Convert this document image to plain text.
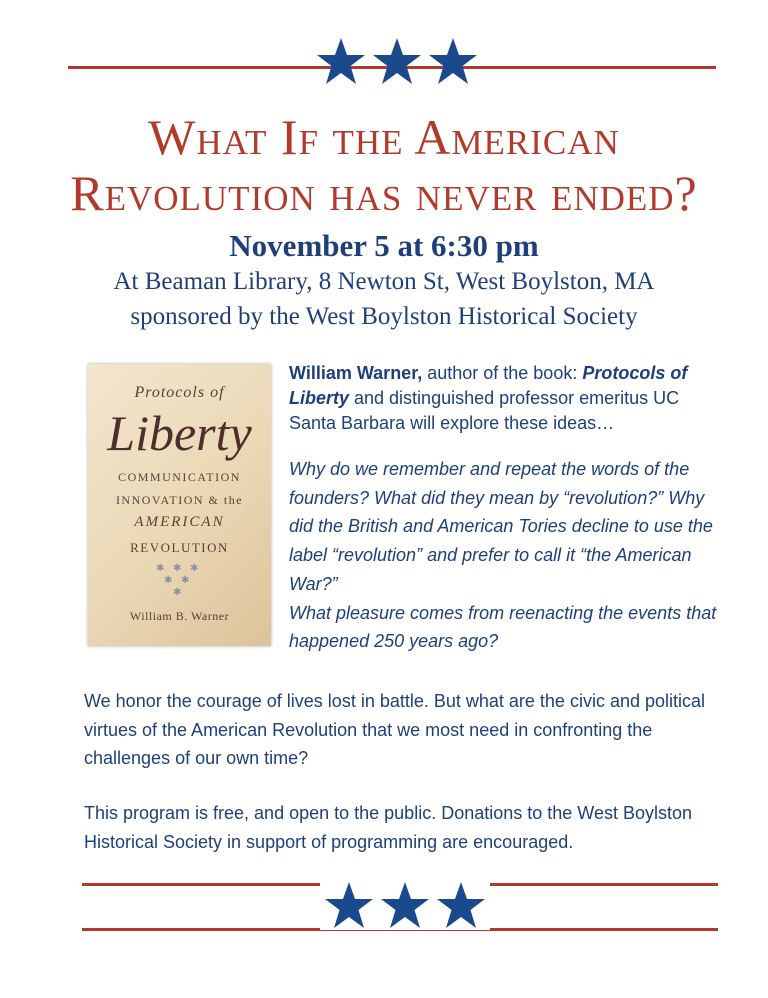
What If the American
Revolution has never ended?
November 5 at 6:30 pm
At Beaman Library, 8 Newton St, West Boylston, MA
sponsored by the West Boylston Historical Society
Protocols of
Liberty
COMMUNICATION
INNOVATION & the
AMERICAN
REVOLUTION
✱ ✱ ✱
✱ ✱
✱
William B. Warner
William Warner, author of the book: Protocols of Liberty and distinguished professor emeritus UC Santa Barbara will explore these ideas…
Why do we remember and repeat the words of the founders? What did they mean by “revolution?” Why did the British and American Tories decline to use the label “revolution” and prefer to call it “the American War?”
What pleasure comes from reenacting the events that happened 250 years ago?
We honor the courage of lives lost in battle. But what are the civic and political virtues of the American Revolution that we most need in confronting the challenges of our own time?
This program is free, and open to the public. Donations to the West Boylston Historical Society in support of programming are encouraged.
